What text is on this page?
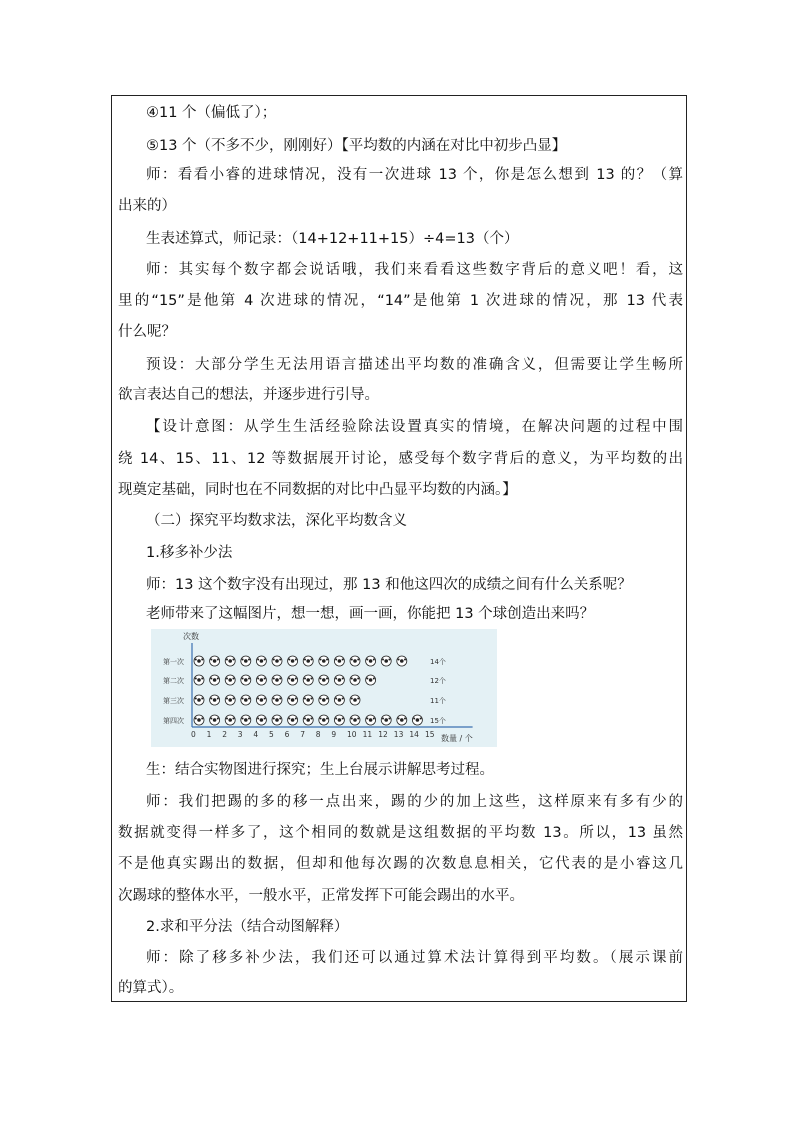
④11 个（偏低了）；
⑤13 个（不多不少，刚刚好）【平均数的内涵在对比中初步凸显】
师：看看小睿的进球情况，没有一次进球 13 个，你是怎么想到 13 的？（算
出来的）
生表述算式，师记录：（14+12+11+15）÷4=13（个）
师：其实每个数字都会说话哦，我们来看看这些数字背后的意义吧！看，这
里的“15”是他第 4 次进球的情况，“14”是他第 1 次进球的情况，那 13 代表
什么呢？
预设：大部分学生无法用语言描述出平均数的准确含义，但需要让学生畅所
欲言表达自己的想法，并逐步进行引导。
【设计意图：从学生生活经验除法设置真实的情境，在解决问题的过程中围
绕 14、15、11、12 等数据展开讨论，感受每个数字背后的意义，为平均数的出
现奠定基础，同时也在不同数据的对比中凸显平均数的内涵。】
（二）探究平均数求法，深化平均数含义
1.移多补少法
师：13 这个数字没有出现过，那 13 和他这四次的成绩之间有什么关系呢？
老师带来了这幅图片，想一想，画一画，你能把 13 个球创造出来吗？
次数
数量 / 个
0 1 2 3 4 5 6 7 8 9 10 11 12 13 14 15
第一次	14个
第二次	12个
第三次	11个
第四次	15个
生：结合实物图进行探究；生上台展示讲解思考过程。
师：我们把踢的多的移一点出来，踢的少的加上这些，这样原来有多有少的
数据就变得一样多了，这个相同的数就是这组数据的平均数 13。所以，13 虽然
不是他真实踢出的数据，但却和他每次踢的次数息息相关，它代表的是小睿这几
次踢球的整体水平，一般水平，正常发挥下可能会踢出的水平。
2.求和平分法（结合动图解释）
师：除了移多补少法，我们还可以通过算术法计算得到平均数。（展示课前
的算式）。
